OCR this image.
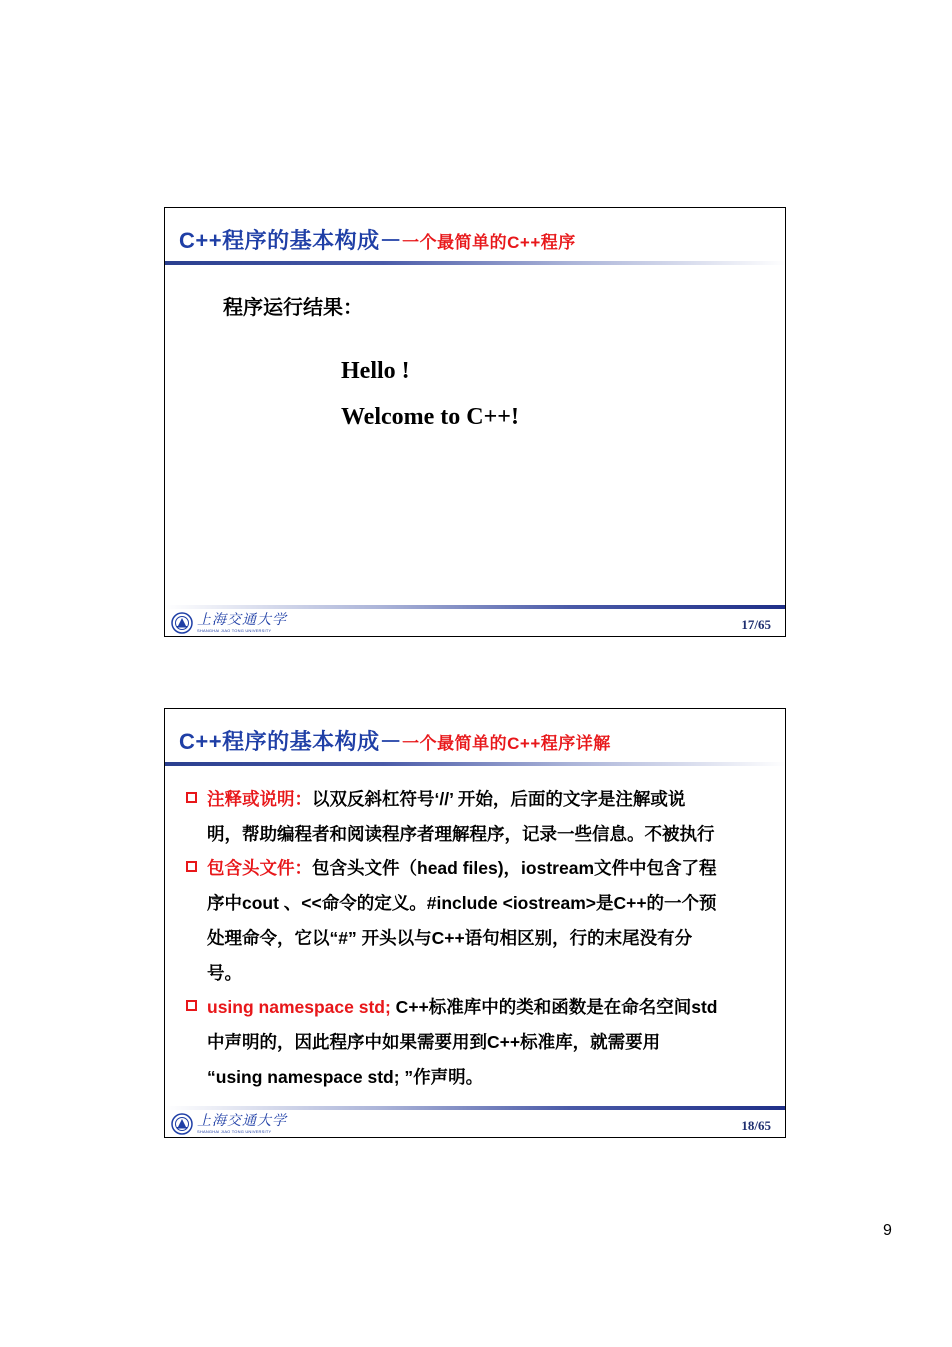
C++程序的基本构成－一个最简单的C++程序
程序运行结果：
Hello !
Welcome to C++!
上海交通大学
SHANGHAI JIAO TONG UNIVERSITY	17/65
C++程序的基本构成－一个最简单的C++程序详解
注释或说明：以双反斜杠符号‘//’ 开始，后面的文字是注解或说
明，帮助编程者和阅读程序者理解程序，记录一些信息。不被执行
包含头文件：包含头文件（head files)，iostream文件中包含了程
序中cout 、<<命令的定义。#include <iostream>是C++的一个预
处理命令，它以“#” 开头以与C++语句相区别，行的末尾没有分
号。
using namespace std; C++标准库中的类和函数是在命名空间std
中声明的，因此程序中如果需要用到C++标准库，就需要用
“using namespace std; ”作声明。
上海交通大学
SHANGHAI JIAO TONG UNIVERSITY	18/65
9
